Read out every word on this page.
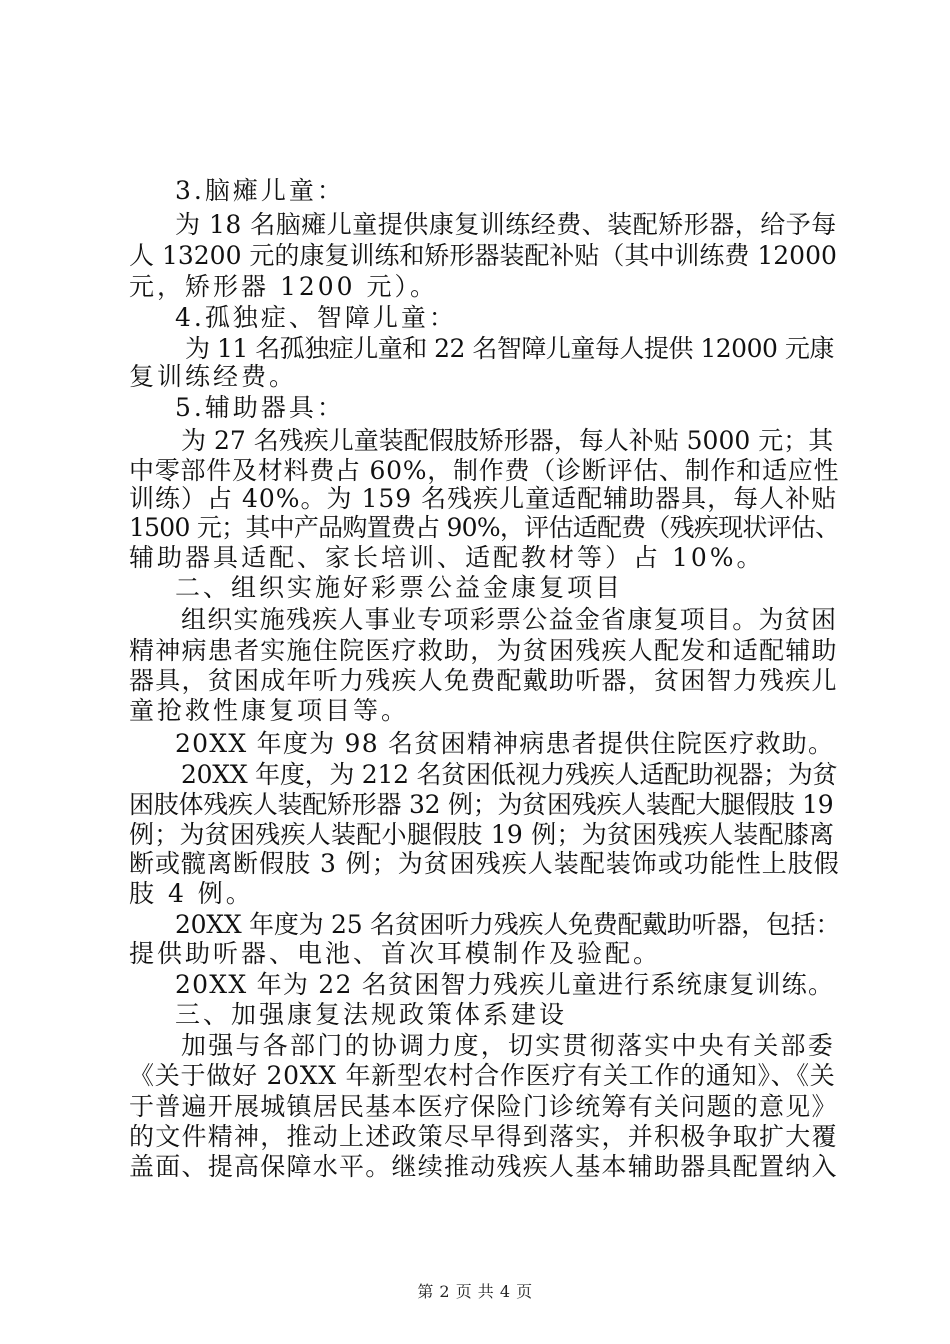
3.脑瘫儿童：
为 18 名脑瘫儿童提供康复训练经费、装配矫形器，给予每
人 13200 元的康复训练和矫形器装配补贴（其中训练费 12000
元，矫形器 1200 元）。
4.孤独症、智障儿童：
为 11 名孤独症儿童和 22 名智障儿童每人提供 12000 元康
复训练经费。
5.辅助器具：
为 27 名残疾儿童装配假肢矫形器，每人补贴 5000 元；其
中零部件及材料费占 60%，制作费（诊断评估、制作和适应性
训练）占 40%。为 159 名残疾儿童适配辅助器具，每人补贴
1500 元；其中产品购置费占 90%，评估适配费（残疾现状评估、
辅助器具适配、家长培训、适配教材等）占 10%。
二、组织实施好彩票公益金康复项目
组织实施残疾人事业专项彩票公益金省康复项目。为贫困
精神病患者实施住院医疗救助，为贫困残疾人配发和适配辅助
器具，贫困成年听力残疾人免费配戴助听器，贫困智力残疾儿
童抢救性康复项目等。
20XX 年度为 98 名贫困精神病患者提供住院医疗救助。
20XX 年度，为 212 名贫困低视力残疾人适配助视器；为贫
困肢体残疾人装配矫形器 32 例；为贫困残疾人装配大腿假肢 19
例；为贫困残疾人装配小腿假肢 19 例；为贫困残疾人装配膝离
断或髋离断假肢 3 例；为贫困残疾人装配装饰或功能性上肢假
肢 4 例。
20XX 年度为 25 名贫困听力残疾人免费配戴助听器，包括：
提供助听器、电池、首次耳模制作及验配。
20XX 年为 22 名贫困智力残疾儿童进行系统康复训练。
三、加强康复法规政策体系建设
加强与各部门的协调力度，切实贯彻落实中央有关部委
《关于做好 20XX 年新型农村合作医疗有关工作的通知》、《关
于普遍开展城镇居民基本医疗保险门诊统筹有关问题的意见》
的文件精神，推动上述政策尽早得到落实，并积极争取扩大覆
盖面、提高保障水平。继续推动残疾人基本辅助器具配置纳入
第 2 页 共 4 页
